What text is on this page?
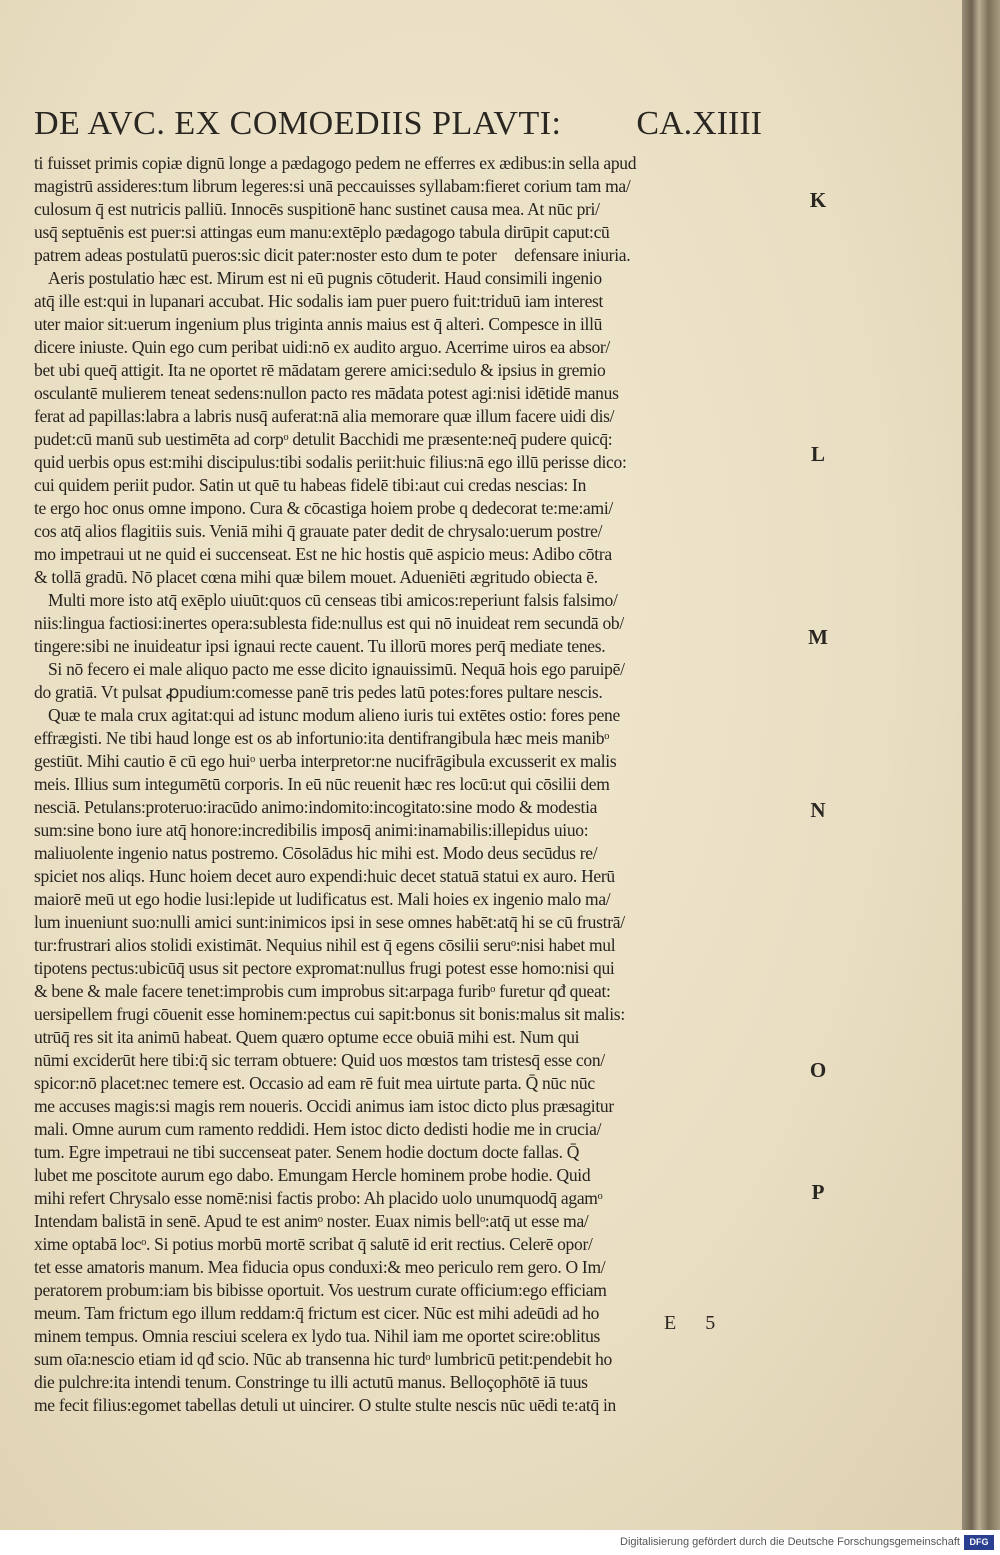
DE AVC. EX COMOEDIIS PLAVTI: CA.XIIII
ti fuisset primis copiæ dignū longe a pædagogo pedem ne efferres ex ædibus:in sella apud
magistrū assideres:tum librum legeres:si unā peccauisses syllabam:fieret corium tam ma/
culosum q̄ est nutricis palliū. Innocēs suspitionē hanc sustinet causa mea. At nūc pri/
usq̄ septuēnis est puer:si attingas eum manu:extēplo pædagogo tabula dirūpit caput:cū
patrem adeas postulatū pueros:sic dicit pater:noster esto dum te poterᷓ defensare iniuria.
Aeris postulatio hæc est. Mirum est ni eū pugnis cōtuderit. Haud consimili ingenio
atq̄ ille est:qui in lupanari accubat. Hic sodalis iam puer puero fuit:triduū iam interest
uter maior sit:uerum ingenium plus triginta annis maius est q̄ alteri. Compesce in illū
dicere iniuste. Quin ego cum peribat uidi:nō ex audito arguo. Acerrime uiros ea absor/
bet ubi queq̄ attigit. Ita ne oportet rē mādatam gerere amici:sedulo & ipsius in gremio
osculantē mulierem teneat sedens:nullon pacto res mādata potest agi:nisi idētidē manus
ferat ad papillas:labra a labris nusq̄ auferat:nā alia memorare quæ illum facere uidi dis/
pudet:cū manū sub uestimēta ad corpᵒ detulit Bacchidi me præsente:neq̄ pudere quicq̄:
quid uerbis opus est:mihi discipulus:tibi sodalis periit:huic filius:nā ego illū perisse dico:
cui quidem periit pudor. Satin ut quē tu habeas fidelē tibi:aut cui credas nescias: In
te ergo hoc onus omne impono. Cura & cōcastiga hoiem probe q dedecorat te:me:ami/
cos atq̄ alios flagitiis suis. Veniā mihi q̄ grauate pater dedit de chrysalo:uerum postre/
mo impetraui ut ne quid ei succenseat. Est ne hic hostis quē aspicio meus: Adibo cōtra
& tollā gradū. Nō placet cœna mihi quæ bilem mouet. Adueniēti ægritudo obiecta ē.
Multi more isto atq̄ exēplo uiuūt:quos cū censeas tibi amicos:reperiunt falsis falsimo/
niis:lingua factiosi:inertes opera:sublesta fide:nullus est qui nō inuideat rem secundā ob/
tingere:sibi ne inuideatur ipsi ignaui recte cauent. Tu illorū mores perq̄ mediate tenes.
Si nō fecero ei male aliquo pacto me esse dicito ignauissimū. Nequā hois ego paruipē/
do gratiā. Vt pulsat ꝓpudium:comesse panē tris pedes latū potes:fores pultare nescis.
Quæ te mala crux agitat:qui ad istunc modum alieno iuris tui extētes ostio: fores pene
effrægisti. Ne tibi haud longe est os ab infortunio:ita dentifrangibula hæc meis manibᵒ
gestiūt. Mihi cautio ē cū ego huiᵒ uerba interpretor:ne nucifrāgibula excusserit ex malis
meis. Illius sum integumētū corporis. In eū nūc reuenit hæc res locū:ut qui cōsilii dem
nesciā. Petulans:proteruo:iracūdo animo:indomito:incogitato:sine modo & modestia
sum:sine bono iure atq̄ honore:incredibilis imposq̄ animi:inamabilis:illepidus uiuo:
maliuolente ingenio natus postremo. Cōsolādus hic mihi est. Modo deus secūdus re/
spiciet nos aliqs. Hunc hoiem decet auro expendi:huic decet statuā statui ex auro. Herū
maiorē meū ut ego hodie lusi:lepide ut ludificatus est. Mali hoies ex ingenio malo ma/
lum inueniunt suo:nulli amici sunt:inimicos ipsi in sese omnes habēt:atq̄ hi se cū frustrā/
tur:frustrari alios stolidi existimāt. Nequius nihil est q̄ egens cōsilii seruᵒ:nisi habet mul
tipotens pectus:ubicūq̄ usus sit pectore expromat:nullus frugi potest esse homo:nisi qui
& bene & male facere tenet:improbis cum improbus sit:arpaga furibᵒ furetur qđ queat:
uersipellem frugi cōuenit esse hominem:pectus cui sapit:bonus sit bonis:malus sit malis:
utrūq̄ res sit ita animū habeat. Quem quæro optume ecce obuiā mihi est. Num qui
nūmi exciderūt here tibi:q̄ sic terram obtuere: Quid uos mœstos tam tristesq̄ esse con/
spicor:nō placet:nec temere est. Occasio ad eam rē fuit mea uirtute parta. Q̄ nūc nūc
me accuses magis:si magis rem noueris. Occidi animus iam istoc dicto plus præsagitur
mali. Omne aurum cum ramento reddidi. Hem istoc dicto dedisti hodie me in crucia/
tum. Egre impetraui ne tibi succenseat pater. Senem hodie doctum docte fallas. Q̄
lubet me poscitote aurum ego dabo. Emungam Hercle hominem probe hodie. Quid
mihi refert Chrysalo esse nomē:nisi factis probo: Ah placido uolo unumquodq̄ agamᵒ
Intendam balistā in senē. Apud te est animᵒ noster. Euax nimis bellᵒ:atq̄ ut esse ma/
xime optabā locᵒ. Si potius morbū mortē scribat q̄ salutē id erit rectius. Celerē opor/
tet esse amatoris manum. Mea fiducia opus conduxi:& meo periculo rem gero. O Im/
peratorem probum:iam bis bibisse oportuit. Vos uestrum curate officium:ego efficiam
meum. Tam frictum ego illum reddam:q̄ frictum est cicer. Nūc est mihi adeūdi ad ho
minem tempus. Omnia resciui scelera ex lydo tua. Nihil iam me oportet scire:oblitus
sum oīa:nescio etiam id qđ scio. Nūc ab transenna hic turdᵒ lumbricū petit:pendebit ho
die pulchre:ita intendi tenum. Constringe tu illi actutū manus. Belloçophōtē iā tuus
me fecit filius:egomet tabellas detuli ut uincirer. O stulte stulte nescis nūc uēdi te:atq̄ in
K
L
M
N
O
P
E 5
Digitalisierung gefördert durch die Deutsche Forschungsgemeinschaft	DFG
